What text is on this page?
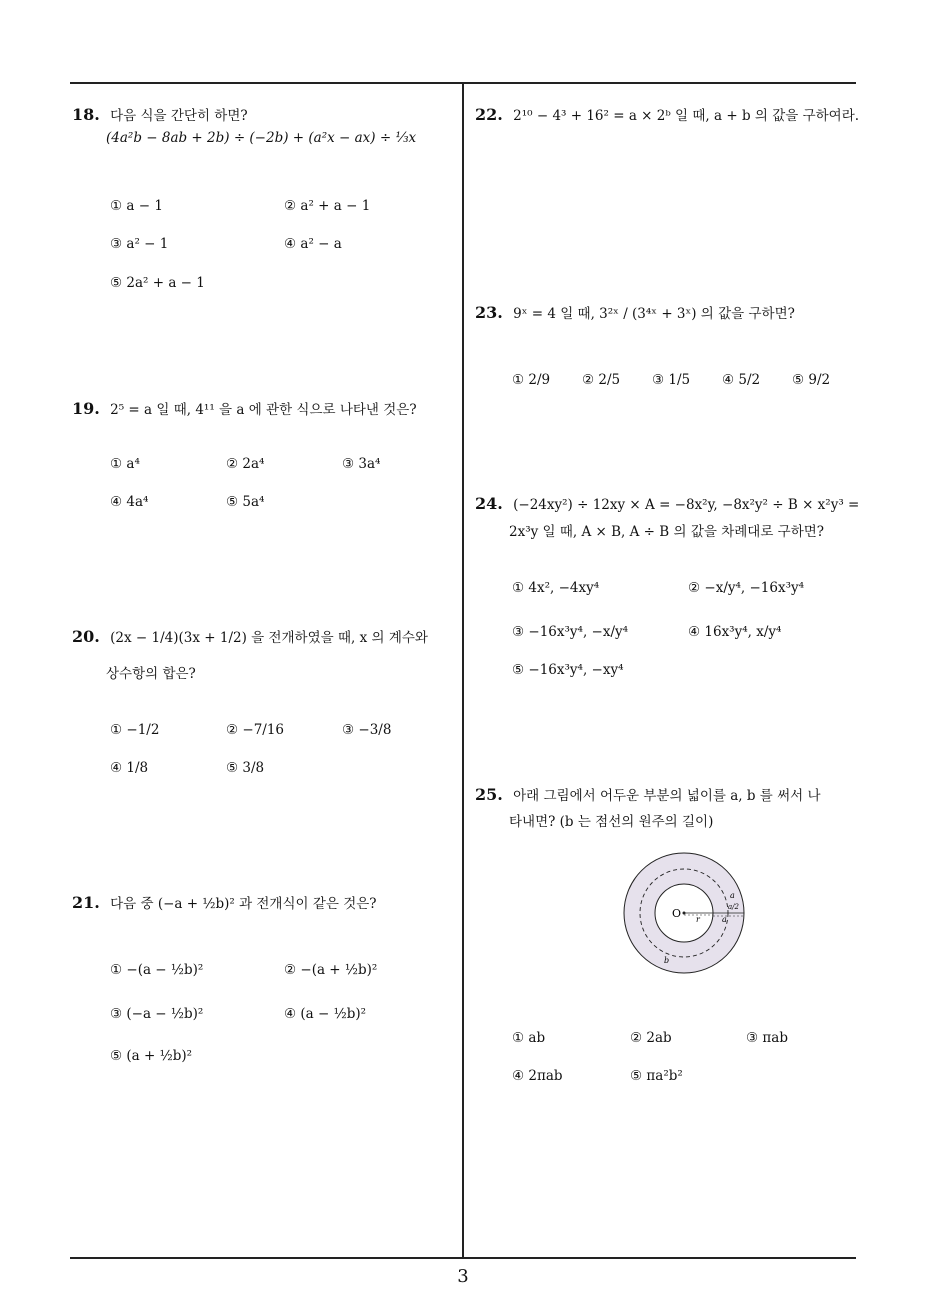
18. 다음 식을 간단히 하면?
(4a²b − 8ab + 2b) ÷ (−2b) + (a²x − ax) ÷ ⅓x
① a − 1	② a² + a − 1
③ a² − 1	④ a² − a
⑤ 2a² + a − 1
19. 2⁵ = a 일 때, 4¹¹ 을 a 에 관한 식으로 나타낸 것은?
① a⁴	② 2a⁴	③ 3a⁴
④ 4a⁴	⑤ 5a⁴
20. (2x − 1/4)(3x + 1/2) 을 전개하였을 때, x 의 계수와
상수항의 합은?
① −1/2	② −7/16	③ −3/8
④ 1/8	⑤ 3/8
21. 다음 중 (−a + ½b)² 과 전개식이 같은 것은?
① −(a − ½b)²	② −(a + ½b)²
③ (−a − ½b)²	④ (a − ½b)²
⑤ (a + ½b)²
22. 2¹⁰ − 4³ + 16² = a × 2ᵇ 일 때, a + b 의 값을 구하여라.
23. 9ˣ = 4 일 때, 3²ˣ / (3⁴ˣ + 3ˣ) 의 값을 구하면?
① 2/9 ② 2/5 ③ 1/5 ④ 5/2 ⑤ 9/2
24. (−24xy²) ÷ 12xy × A = −8x²y, −8x²y² ÷ B × x²y³ =
2x³y 일 때, A × B, A ÷ B 의 값을 차례대로 구하면?
① 4x², −4xy⁴	② −x/y⁴, −16x³y⁴
③ −16x³y⁴, −x/y⁴	④ 16x³y⁴, x/y⁴
⑤ −16x³y⁴, −xy⁴
25. 아래 그림에서 어두운 부분의 넓이를 a, b 를 써서 나
타내면? (b 는 점선의 원주의 길이)
O r	a
a
a/2
b
① ab	② 2ab	③ πab
④ 2πab	⑤ πa²b²
3
